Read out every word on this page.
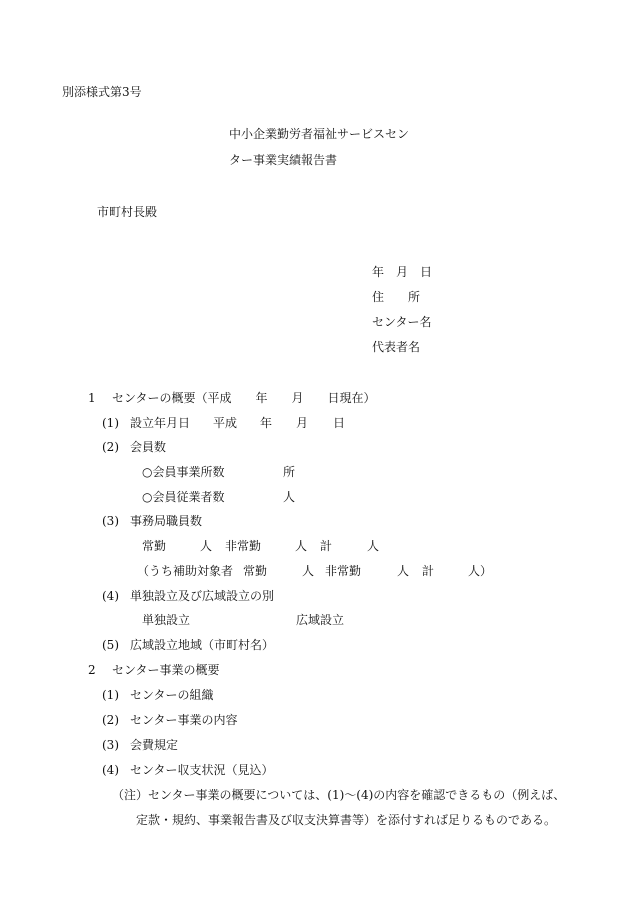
別添様式第3号
中小企業勤労者福祉サービスセン
ター事業実績報告書
市町村長殿
年　月　日
住　　所
センター名
代表者名
1 センターの概要（平成　　年　　月　　日現在）
(1) 設立年月日 平成 年 月 日
(2) 会員数
○会員事業所数	所
○会員従業者数	人
(3) 事務局職員数
常勤	人 非常勤	人 計	人
（うち補助対象者 常勤	人 非常勤	人 計	人）
(4) 単独設立及び広域設立の別
単独設立	広域設立
(5) 広域設立地域（市町村名）
2 センター事業の概要
(1) センターの組織
(2) センター事業の内容
(3) 会費規定
(4) センター収支状況（見込）
（注） センター事業の概要については、(1)～(4)の内容を確認できるもの（例えば、
定款・規約、事業報告書及び収支決算書等）を添付すれば足りるものである。
